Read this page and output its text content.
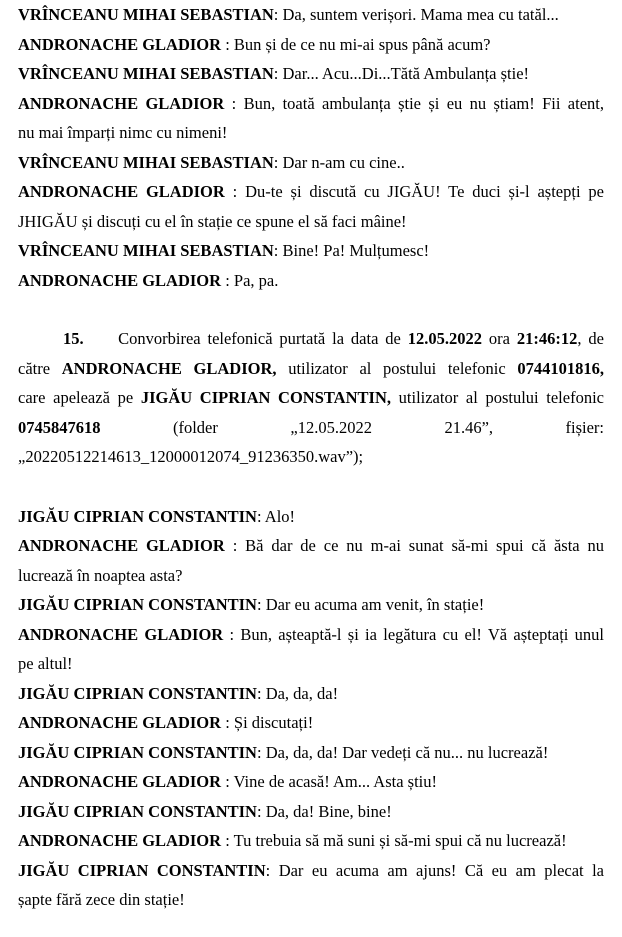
VRÎNCEANU MIHAI SEBASTIAN: Da, suntem verișori. Mama mea cu tatăl...
ANDRONACHE GLADIOR : Bun și de ce nu mi-ai spus până acum?
VRÎNCEANU MIHAI SEBASTIAN: Dar... Acu...Di...Tătă Ambulanța știe!
ANDRONACHE GLADIOR : Bun, toată ambulanța știe și eu nu știam! Fii atent,
nu mai împarți nimc cu nimeni!
VRÎNCEANU MIHAI SEBASTIAN: Dar n-am cu cine..
ANDRONACHE GLADIOR : Du-te și discută cu JIGĂU! Te duci și-l aștepți pe
JHIGĂU și discuți cu el în stație ce spune el să faci mâine!
VRÎNCEANU MIHAI SEBASTIAN: Bine! Pa! Mulțumesc!
ANDRONACHE GLADIOR : Pa, pa.
15. Convorbirea telefonică purtată la data de 12.05.2022 ora 21:46:12, de
către ANDRONACHE GLADIOR, utilizator al postului telefonic 0744101816,
care apelează pe JIGĂU CIPRIAN CONSTANTIN, utilizator al postului telefonic
0745847618	(folder	„12.05.2022	21.46”,	fișier:
„20220512214613_12000012074_91236350.wav”);
JIGĂU CIPRIAN CONSTANTIN: Alo!
ANDRONACHE GLADIOR : Bă dar de ce nu m-ai sunat să-mi spui că ăsta nu
lucrează în noaptea asta?
JIGĂU CIPRIAN CONSTANTIN: Dar eu acuma am venit, în stație!
ANDRONACHE GLADIOR : Bun, așteaptă-l și ia legătura cu el! Vă așteptați unul
pe altul!
JIGĂU CIPRIAN CONSTANTIN: Da, da, da!
ANDRONACHE GLADIOR : Și discutați!
JIGĂU CIPRIAN CONSTANTIN: Da, da, da! Dar vedeți că nu... nu lucrează!
ANDRONACHE GLADIOR : Vine de acasă! Am... Asta știu!
JIGĂU CIPRIAN CONSTANTIN: Da, da! Bine, bine!
ANDRONACHE GLADIOR : Tu trebuia să mă suni și să-mi spui că nu lucrează!
JIGĂU CIPRIAN CONSTANTIN: Dar eu acuma am ajuns! Că eu am plecat la
șapte fără zece din stație!
